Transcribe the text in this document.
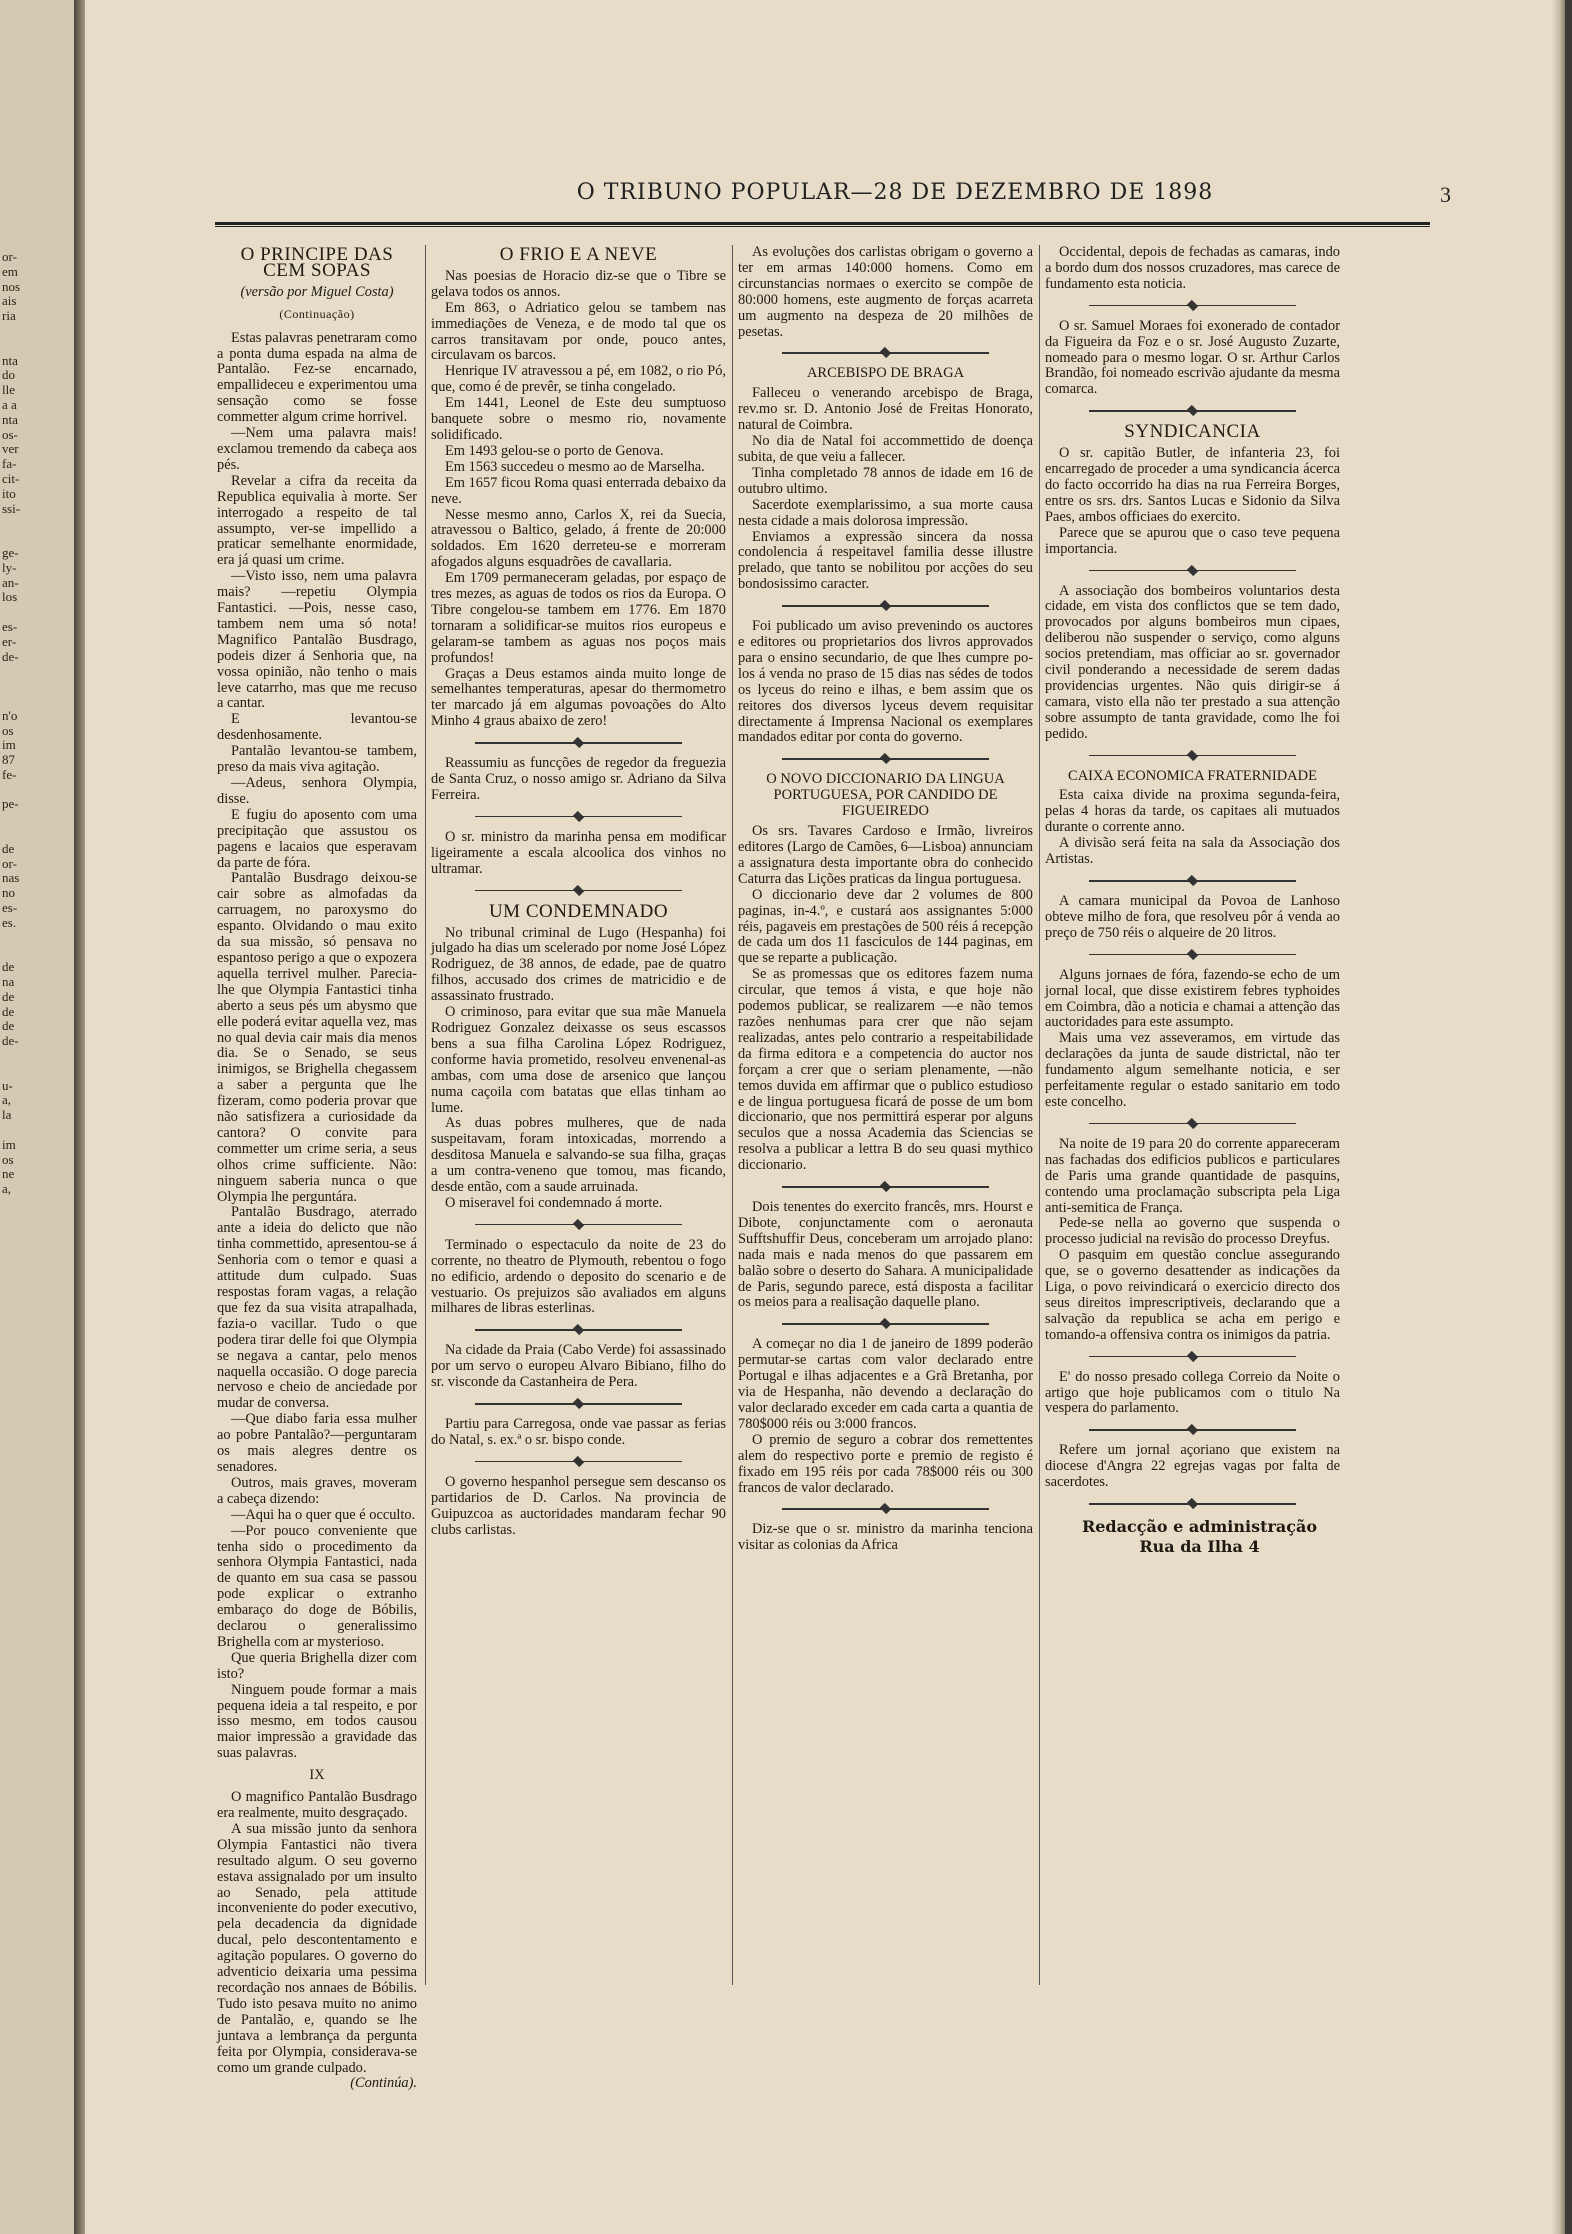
or-
em
nos
ais
ria

nta
do
lle
a a
nta
os-
ver
fa-
cit-
ito
ssi-

ge-
ly-
an-
los

es-
er-
de-

n'o
os
im
87
fe-

pe-

de
or-
nas
no
es-
es.

de
na
de
de
de
de-

u-
a,
la

im
os
ne
a,
O TRIBUNO POPULAR—28 DE DEZEMBRO DE 1898	3
O PRINCIPE DAS CEM SOPAS

(versão por Miguel Costa)

(Continuação)

Estas palavras penetraram como a ponta duma espada na alma de Pantalão. Fez-se encarnado, empallideceu e experimentou uma sensação como se fosse commetter algum crime horrivel.

—Nem uma palavra mais! exclamou tremendo da cabeça aos pés.

Revelar a cifra da receita da Republica equivalia à morte. Ser interrogado a respeito de tal assumpto, ver-se impellido a praticar semelhante enormidade, era já quasi um crime.

—Visto isso, nem uma palavra mais? —repetiu Olympia Fantastici. —Pois, nesse caso, tambem nem uma só nota! Magnifico Pantalão Busdrago, podeis dizer á Senhoria que, na vossa opinião, não tenho o mais leve catarrho, mas que me recuso a cantar.

E levantou-se desdenhosamente.

Pantalão levantou-se tambem, preso da mais viva agitação.

—Adeus, senhora Olympia, disse.

E fugiu do aposento com uma precipitação que assustou os pagens e lacaios que esperavam da parte de fóra.

Pantalão Busdrago deixou-se cair sobre as almofadas da carruagem, no paroxysmo do espanto. Olvidando o mau exito da sua missão, só pensava no espantoso perigo a que o expozera aquella terrivel mulher. Parecia-lhe que Olympia Fantastici tinha aberto a seus pés um abysmo que elle poderá evitar aquella vez, mas no qual devia cair mais dia menos dia. Se o Senado, se seus inimigos, se Brighella chegassem a saber a pergunta que lhe fizeram, como poderia provar que não satisfizera a curiosidade da cantora? O convite para commetter um crime seria, a seus olhos crime sufficiente. Não: ninguem saberia nunca o que Olympia lhe perguntára.

Pantalão Busdrago, aterrado ante a ideia do delicto que não tinha commettido, apresentou-se á Senhoria com o temor e quasi a attitude dum culpado. Suas respostas foram vagas, a relação que fez da sua visita atrapalhada, fazia-o vacillar. Tudo o que podera tirar delle foi que Olympia se negava a cantar, pelo menos naquella occasião. O doge parecia nervoso e cheio de anciedade por mudar de conversa.

—Que diabo faria essa mulher ao pobre Pantalão?—perguntaram os mais alegres dentre os senadores.

Outros, mais graves, moveram a cabeça dizendo:

—Aqui ha o quer que é occulto.

—Por pouco conveniente que tenha sido o procedimento da senhora Olympia Fantastici, nada de quanto em sua casa se passou pode explicar o extranho embaraço do doge de Bóbilis, declarou o generalissimo Brighella com ar mysterioso.

Que queria Brighella dizer com isto?

Ninguem poude formar a mais pequena ideia a tal respeito, e por isso mesmo, em todos causou maior impressão a gravidade das suas palavras.

IX

O magnifico Pantalão Busdrago era realmente, muito desgraçado.

A sua missão junto da senhora Olympia Fantastici não tivera resultado algum. O seu governo estava assignalado por um insulto ao Senado, pela attitude inconveniente do poder executivo, pela decadencia da dignidade ducal, pelo descontentamento e agitação populares. O governo do adventicio deixaria uma pessima recordação nos annaes de Bóbilis. Tudo isto pesava muito no animo de Pantalão, e, quando se lhe juntava a lembrança da pergunta feita por Olympia, considerava-se como um grande culpado.

(Continúa).

O FRIO E A NEVE

Nas poesias de Horacio diz-se que o Tibre se gelava todos os annos.

Em 863, o Adriatico gelou se tambem nas immediações de Veneza, e de modo tal que os carros transitavam por onde, pouco antes, circulavam os barcos.

Henrique IV atravessou a pé, em 1082, o rio Pó, que, como é de prevêr, se tinha congelado.

Em 1441, Leonel de Este deu sumptuoso banquete sobre o mesmo rio, novamente solidificado.

Em 1493 gelou-se o porto de Genova.

Em 1563 succedeu o mesmo ao de Marselha.

Em 1657 ficou Roma quasi enterrada debaixo da neve.

Nesse mesmo anno, Carlos X, rei da Suecia, atravessou o Baltico, gelado, á frente de 20:000 soldados. Em 1620 derreteu-se e morreram afogados alguns esquadrões de cavallaria.

Em 1709 permaneceram geladas, por espaço de tres mezes, as aguas de todos os rios da Europa. O Tibre congelou-se tambem em 1776. Em 1870 tornaram a solidificar-se muitos rios europeus e gelaram-se tambem as aguas nos poços mais profundos!

Graças a Deus estamos ainda muito longe de semelhantes temperaturas, apesar do thermometro ter marcado já em algumas povoações do Alto Minho 4 graus abaixo de zero!

Reassumiu as funcções de regedor da freguezia de Santa Cruz, o nosso amigo sr. Adriano da Silva Ferreira.

O sr. ministro da marinha pensa em modificar ligeiramente a escala alcoolica dos vinhos no ultramar.

UM CONDEMNADO

No tribunal criminal de Lugo (Hespanha) foi julgado ha dias um scelerado por nome José López Rodriguez, de 38 annos, de edade, pae de quatro filhos, accusado dos crimes de matricidio e de assassinato frustrado.

O criminoso, para evitar que sua mãe Manuela Rodriguez Gonzalez deixasse os seus escassos bens a sua filha Carolina López Rodriguez, conforme havia prometido, resolveu envenenal-as ambas, com uma dose de arsenico que lançou numa caçoila com batatas que ellas tinham ao lume.

As duas pobres mulheres, que de nada suspeitavam, foram intoxicadas, morrendo a desditosa Manuela e salvando-se sua filha, graças a um contra-veneno que tomou, mas ficando, desde então, com a saude arruinada.

O miseravel foi condemnado á morte.

Terminado o espectaculo da noite de 23 do corrente, no theatro de Plymouth, rebentou o fogo no edificio, ardendo o deposito do scenario e de vestuario. Os prejuizos são avaliados em alguns milhares de libras esterlinas.

Na cidade da Praia (Cabo Verde) foi assassinado por um servo o europeu Alvaro Bibiano, filho do sr. visconde da Castanheira de Pera.

Partiu para Carregosa, onde vae passar as ferias do Natal, s. ex.ª o sr. bispo conde.

O governo hespanhol persegue sem descanso os partidarios de D. Carlos. Na provincia de Guipuzcoa as auctoridades mandaram fechar 90 clubs carlistas.

As evoluções dos carlistas obrigam o governo a ter em armas 140:000 homens. Como em circunstancias normaes o exercito se compõe de 80:000 homens, este augmento de forças acarreta um augmento na despeza de 20 milhões de pesetas.

ARCEBISPO DE BRAGA

Falleceu o venerando arcebispo de Braga, rev.mo sr. D. Antonio José de Freitas Honorato, natural de Coimbra.

No dia de Natal foi accommettido de doença subita, de que veiu a fallecer.

Tinha completado 78 annos de idade em 16 de outubro ultimo.

Sacerdote exemplarissimo, a sua morte causa nesta cidade a mais dolorosa impressão.

Enviamos a expressão sincera da nossa condolencia á respeitavel familia desse illustre prelado, que tanto se nobilitou por acções do seu bondosissimo caracter.

Foi publicado um aviso prevenindo os auctores e editores ou proprietarios dos livros approvados para o ensino secundario, de que lhes cumpre po-los á venda no praso de 15 dias nas sédes de todos os lyceus do reino e ilhas, e bem assim que os reitores dos diversos lyceus devem requisitar directamente á Imprensa Nacional os exemplares mandados editar por conta do governo.

O NOVO DICCIONARIO DA LINGUA PORTUGUESA, POR CANDIDO DE FIGUEIREDO

Os srs. Tavares Cardoso e Irmão, livreiros editores (Largo de Camões, 6—Lisboa) annunciam a assignatura desta importante obra do conhecido Caturra das Lições praticas da lingua portuguesa.

O diccionario deve dar 2 volumes de 800 paginas, in-4.º, e custará aos assignantes 5:000 réis, pagaveis em prestações de 500 réis á recepção de cada um dos 11 fasciculos de 144 paginas, em que se reparte a publicação.

Se as promessas que os editores fazem numa circular, que temos á vista, e que hoje não podemos publicar, se realizarem —e não temos razões nenhumas para crer que não sejam realizadas, antes pelo contrario a respeitabilidade da firma editora e a competencia do auctor nos forçam a crer que o seriam plenamente, —não temos duvida em affirmar que o publico estudioso e de lingua portuguesa ficará de posse de um bom diccionario, que nos permittirá esperar por alguns seculos que a nossa Academia das Sciencias se resolva a publicar a lettra B do seu quasi mythico diccionario.

Dois tenentes do exercito francês, mrs. Hourst e Dibote, conjunctamente com o aeronauta Sufftshuffir Deus, conceberam um arrojado plano: nada mais e nada menos do que passarem em balão sobre o deserto do Sahara. A municipalidade de Paris, segundo parece, está disposta a facilitar os meios para a realisação daquelle plano.

A começar no dia 1 de janeiro de 1899 poderão permutar-se cartas com valor declarado entre Portugal e ilhas adjacentes e a Grã Bretanha, por via de Hespanha, não devendo a declaração do valor declarado exceder em cada carta a quantia de 780$000 réis ou 3:000 francos.

O premio de seguro a cobrar dos remettentes alem do respectivo porte e premio de registo é fixado em 195 réis por cada 78$000 réis ou 300 francos de valor declarado.

Diz-se que o sr. ministro da marinha tenciona visitar as colonias da Africa

Occidental, depois de fechadas as camaras, indo a bordo dum dos nossos cruzadores, mas carece de fundamento esta noticia.

O sr. Samuel Moraes foi exonerado de contador da Figueira da Foz e o sr. José Augusto Zuzarte, nomeado para o mesmo logar. O sr. Arthur Carlos Brandão, foi nomeado escrivão ajudante da mesma comarca.

SYNDICANCIA

O sr. capitão Butler, de infanteria 23, foi encarregado de proceder a uma syndicancia ácerca do facto occorrido ha dias na rua Ferreira Borges, entre os srs. drs. Santos Lucas e Sidonio da Silva Paes, ambos officiaes do exercito.

Parece que se apurou que o caso teve pequena importancia.

A associação dos bombeiros voluntarios desta cidade, em vista dos conflictos que se tem dado, provocados por alguns bombeiros mun cipaes, deliberou não suspender o serviço, como alguns socios pretendiam, mas officiar ao sr. governador civil ponderando a necessidade de serem dadas providencias urgentes. Não quis dirigir-se á camara, visto ella não ter prestado a sua attenção sobre assumpto de tanta gravidade, como lhe foi pedido.

CAIXA ECONOMICA FRATERNIDADE

Esta caixa divide na proxima segunda-feira, pelas 4 horas da tarde, os capitaes ali mutuados durante o corrente anno.

A divisão será feita na sala da Associação dos Artistas.

A camara municipal da Povoa de Lanhoso obteve milho de fora, que resolveu pôr á venda ao preço de 750 réis o alqueire de 20 litros.

Alguns jornaes de fóra, fazendo-se echo de um jornal local, que disse existirem febres typhoides em Coimbra, dão a noticia e chamai a attenção das auctoridades para este assumpto.

Mais uma vez asseveramos, em virtude das declarações da junta de saude districtal, não ter fundamento algum semelhante noticia, e ser perfeitamente regular o estado sanitario em todo este concelho.

Na noite de 19 para 20 do corrente appareceram nas fachadas dos edificios publicos e particulares de Paris uma grande quantidade de pasquins, contendo uma proclamação subscripta pela Liga anti-semitica de França.

Pede-se nella ao governo que suspenda o processo judicial na revisão do processo Dreyfus.

O pasquim em questão conclue assegurando que, se o governo desattender as indicações da Liga, o povo reivindicará o exercicio directo dos seus direitos imprescriptiveis, declarando que a salvação da republica se acha em perigo e tomando-a offensiva contra os inimigos da patria.

E' do nosso presado collega Correio da Noite o artigo que hoje publicamos com o titulo Na vespera do parlamento.

Refere um jornal açoriano que existem na diocese d'Angra 22 egrejas vagas por falta de sacerdotes.

Redacção e administração

Rua da Ilha 4
